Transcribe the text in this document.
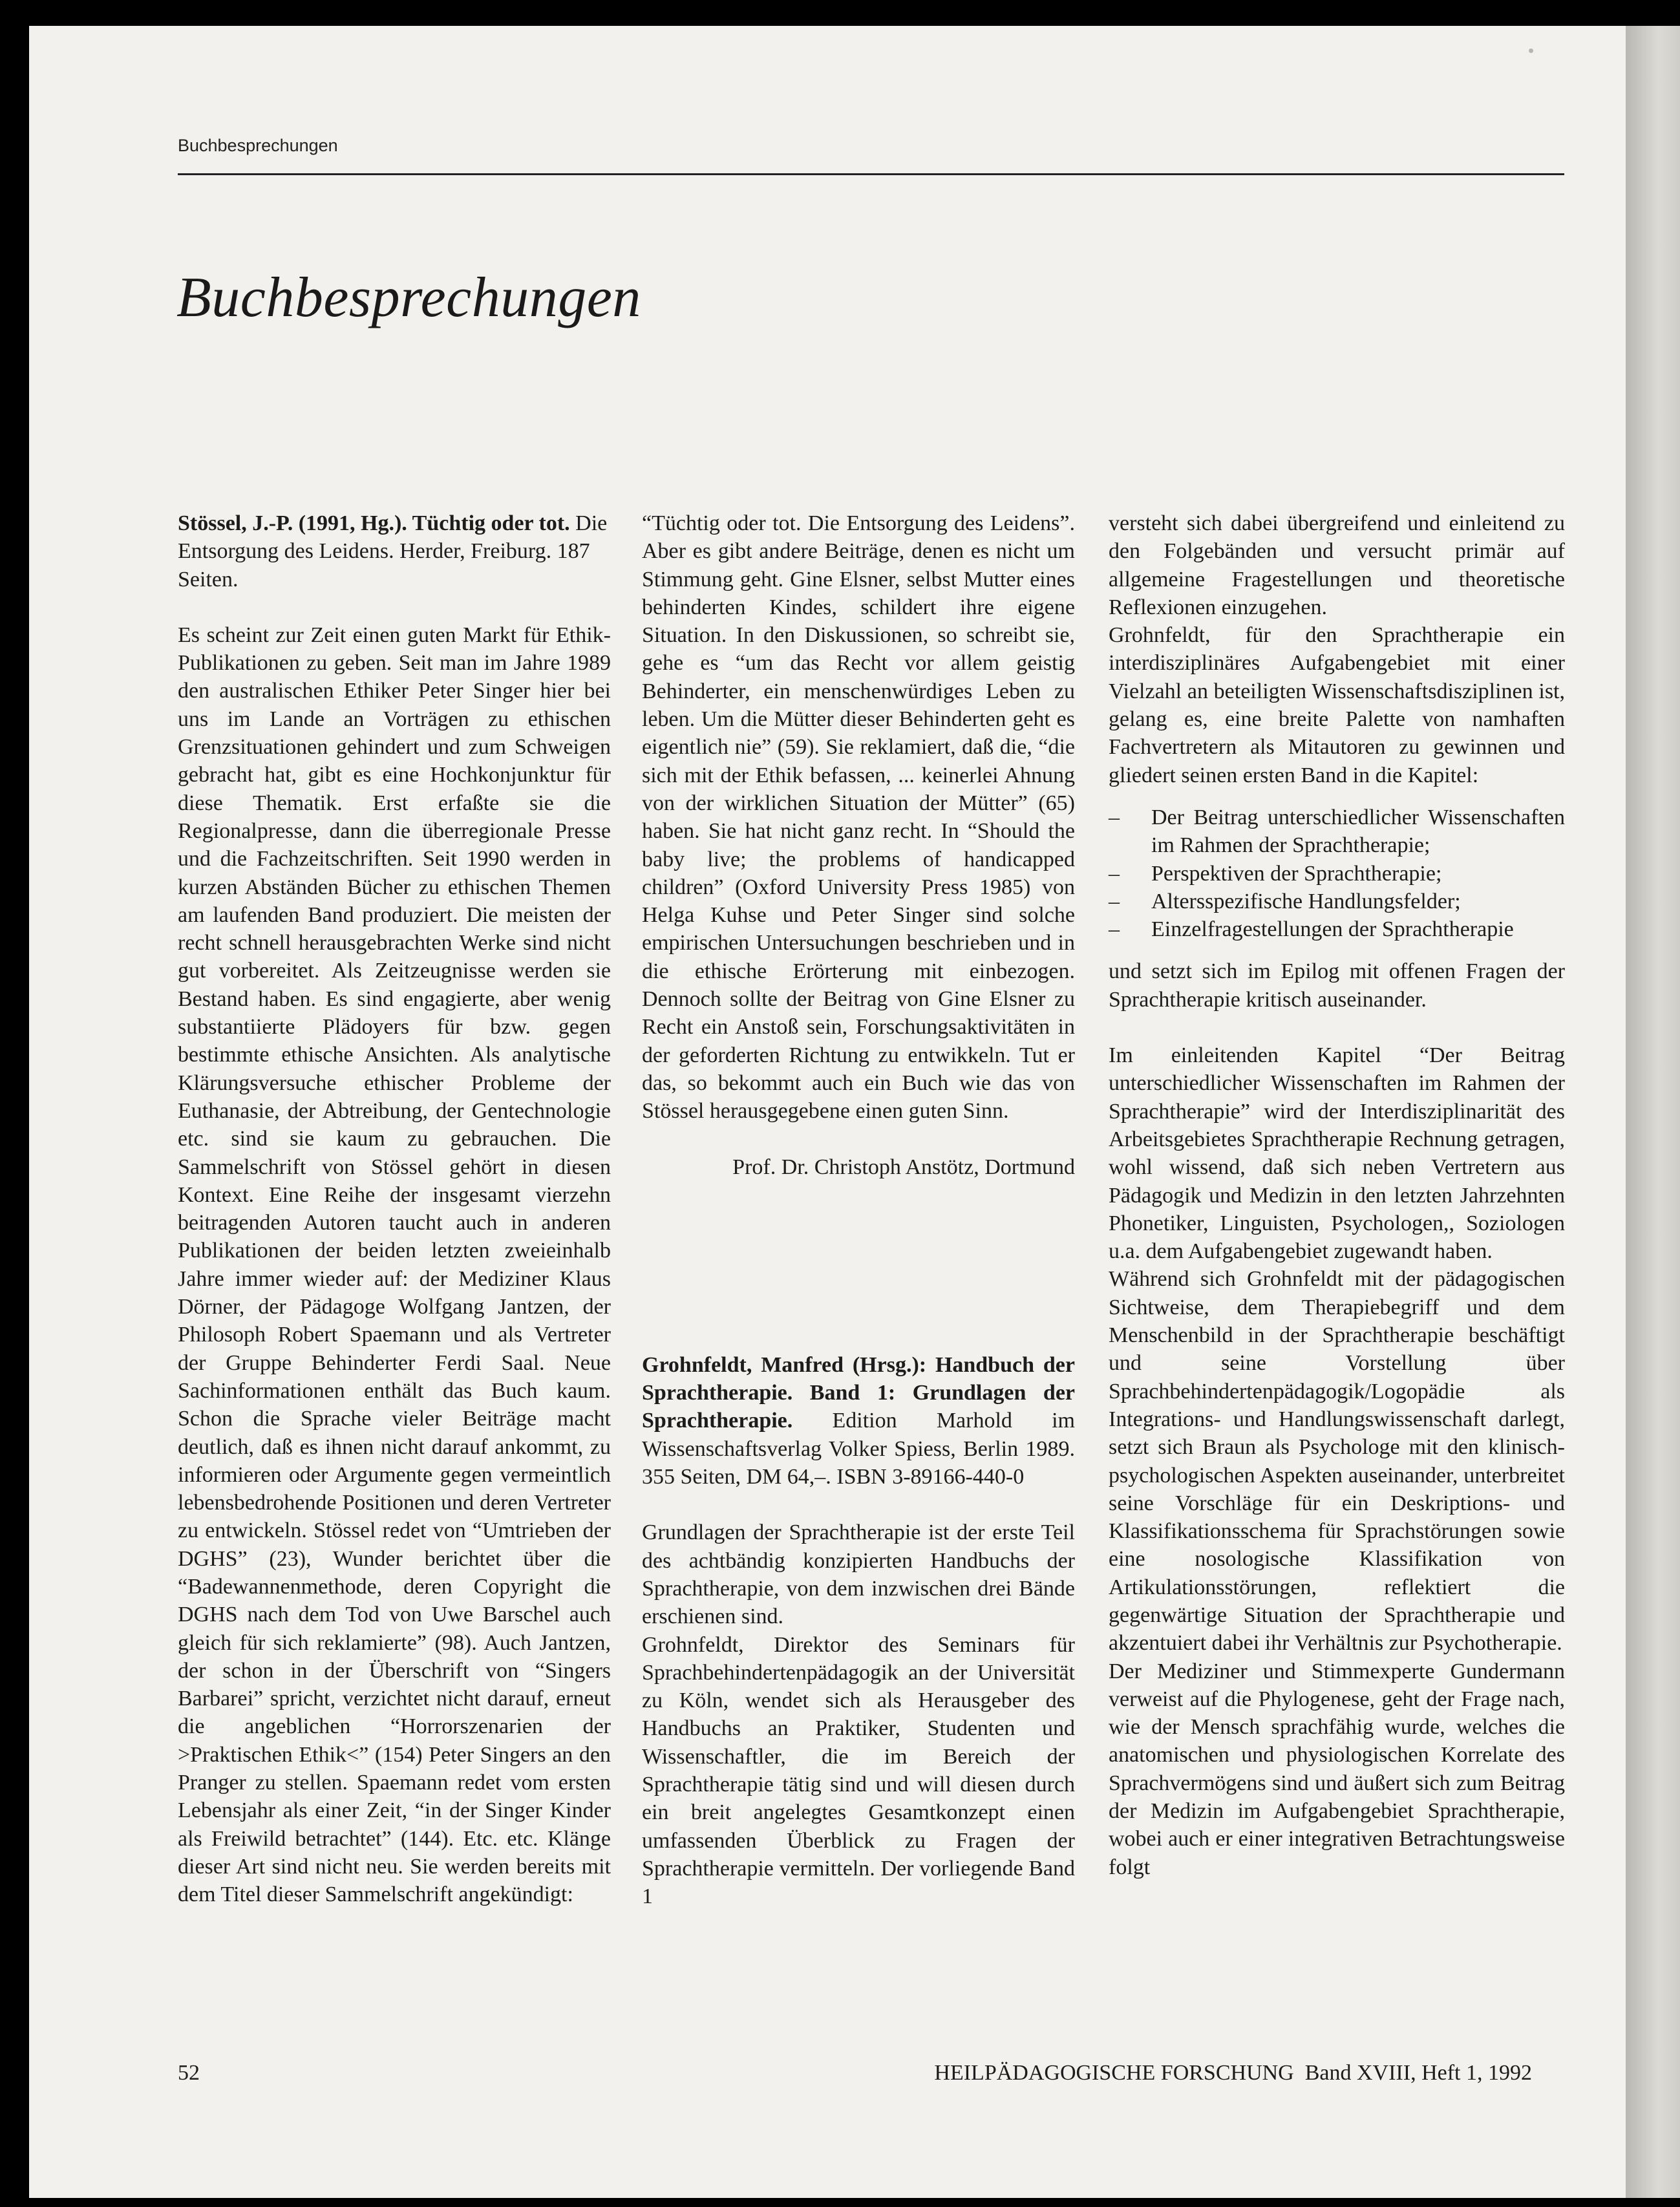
Buchbesprechungen
Buchbesprechungen

Stössel, J.-P. (1991, Hg.). Tüchtig oder tot. Die Entsorgung des Leidens. Herder, Freiburg. 187 Seiten.

Es scheint zur Zeit einen guten Markt für Ethik-Publikationen zu geben. Seit man im Jahre 1989 den australischen Ethiker Peter Singer hier bei uns im Lande an Vorträgen zu ethischen Grenzsituationen gehindert und zum Schweigen gebracht hat, gibt es eine Hochkonjunktur für diese Thematik. Erst erfaßte sie die Regionalpresse, dann die überregionale Presse und die Fachzeitschriften. Seit 1990 werden in kurzen Abständen Bücher zu ethischen Themen am laufenden Band produziert. Die meisten der recht schnell herausgebrachten Werke sind nicht gut vorbereitet. Als Zeitzeugnisse werden sie Bestand haben. Es sind engagierte, aber wenig substantiierte Plädoyers für bzw. gegen bestimmte ethische Ansichten. Als analytische Klärungsversuche ethischer Probleme der Euthanasie, der Abtreibung, der Gentechnologie etc. sind sie kaum zu gebrauchen. Die Sammelschrift von Stössel gehört in diesen Kontext. Eine Reihe der insgesamt vierzehn beitragenden Autoren taucht auch in anderen Publikationen der beiden letzten zweieinhalb Jahre immer wieder auf: der Mediziner Klaus Dörner, der Pädagoge Wolfgang Jantzen, der Philosoph Robert Spaemann und als Vertreter der Gruppe Behinderter Ferdi Saal. Neue Sachinformationen enthält das Buch kaum. Schon die Sprache vieler Beiträge macht deutlich, daß es ihnen nicht darauf ankommt, zu informieren oder Argumente gegen vermeintlich lebensbedrohende Positionen und deren Vertreter zu entwickeln. Stössel redet von “Umtrieben der DGHS” (23), Wunder berichtet über die “Badewannenmethode, deren Copyright die DGHS nach dem Tod von Uwe Barschel auch gleich für sich reklamierte” (98). Auch Jantzen, der schon in der Überschrift von “Singers Barbarei” spricht, verzichtet nicht darauf, erneut die angeblichen “Horrorszenarien der >Praktischen Ethik<” (154) Peter Singers an den Pranger zu stellen. Spaemann redet vom ersten Lebensjahr als einer Zeit, “in der Singer Kinder als Freiwild betrachtet” (144). Etc. etc. Klänge dieser Art sind nicht neu. Sie werden bereits mit dem Titel dieser Sammelschrift angekündigt:

“Tüchtig oder tot. Die Entsorgung des Leidens”. Aber es gibt andere Beiträge, denen es nicht um Stimmung geht. Gine Elsner, selbst Mutter eines behinderten Kindes, schildert ihre eigene Situation. In den Diskussionen, so schreibt sie, gehe es “um das Recht vor allem geistig Behinderter, ein menschenwürdiges Leben zu leben. Um die Mütter dieser Behinderten geht es eigentlich nie” (59). Sie reklamiert, daß die, “die sich mit der Ethik befassen, ... keinerlei Ahnung von der wirklichen Situation der Mütter” (65) haben. Sie hat nicht ganz recht. In “Should the baby live; the problems of handicapped children” (Oxford University Press 1985) von Helga Kuhse und Peter Singer sind solche empirischen Untersuchungen beschrieben und in die ethische Erörterung mit einbezogen. Dennoch sollte der Beitrag von Gine Elsner zu Recht ein Anstoß sein, Forschungsaktivitäten in der geforderten Richtung zu entwikkeln. Tut er das, so bekommt auch ein Buch wie das von Stössel herausgegebene einen guten Sinn.

Prof. Dr. Christoph Anstötz, Dortmund

Grohnfeldt, Manfred (Hrsg.): Handbuch der Sprachtherapie. Band 1: Grundlagen der Sprachtherapie. Edition Marhold im Wissenschaftsverlag Volker Spiess, Berlin 1989. 355 Seiten, DM 64,–. ISBN 3-89166-440-0

Grundlagen der Sprachtherapie ist der erste Teil des achtbändig konzipierten Handbuchs der Sprachtherapie, von dem inzwischen drei Bände erschienen sind.

Grohnfeldt, Direktor des Seminars für Sprachbehindertenpädagogik an der Universität zu Köln, wendet sich als Herausgeber des Handbuchs an Praktiker, Studenten und Wissenschaftler, die im Bereich der Sprachtherapie tätig sind und will diesen durch ein breit angelegtes Gesamtkonzept einen umfassenden Überblick zu Fragen der Sprachtherapie vermitteln. Der vorliegende Band 1

versteht sich dabei übergreifend und einleitend zu den Folgebänden und versucht primär auf allgemeine Fragestellungen und theoretische Reflexionen einzugehen.

Grohnfeldt, für den Sprachtherapie ein interdisziplinäres Aufgabengebiet mit einer Vielzahl an beteiligten Wissenschaftsdisziplinen ist, gelang es, eine breite Palette von namhaften Fachvertretern als Mitautoren zu gewinnen und gliedert seinen ersten Band in die Kapitel:

– Der Beitrag unterschiedlicher Wissenschaften im Rahmen der Sprachtherapie;
– Perspektiven der Sprachtherapie;
– Altersspezifische Handlungsfelder;
– Einzelfragestellungen der Sprachtherapie

und setzt sich im Epilog mit offenen Fragen der Sprachtherapie kritisch auseinander.

Im einleitenden Kapitel “Der Beitrag unterschiedlicher Wissenschaften im Rahmen der Sprachtherapie” wird der Interdisziplinarität des Arbeitsgebietes Sprachtherapie Rechnung getragen, wohl wissend, daß sich neben Vertretern aus Pädagogik und Medizin in den letzten Jahrzehnten Phonetiker, Linguisten, Psychologen,, Soziologen u.a. dem Aufgabengebiet zugewandt haben.

Während sich Grohnfeldt mit der pädagogischen Sichtweise, dem Therapiebegriff und dem Menschenbild in der Sprachtherapie beschäftigt und seine Vorstellung über Sprachbehindertenpädagogik/Logopädie als Integrations- und Handlungswissenschaft darlegt, setzt sich Braun als Psychologe mit den klinisch-psychologischen Aspekten auseinander, unterbreitet seine Vorschläge für ein Deskriptions- und Klassifikationsschema für Sprachstörungen sowie eine nosologische Klassifikation von Artikulationsstörungen, reflektiert die gegenwärtige Situation der Sprachtherapie und akzentuiert dabei ihr Verhältnis zur Psychotherapie.

Der Mediziner und Stimmexperte Gundermann verweist auf die Phylogenese, geht der Frage nach, wie der Mensch sprachfähig wurde, welches die anatomischen und physiologischen Korrelate des Sprachvermögens sind und äußert sich zum Beitrag der Medizin im Aufgabengebiet Sprachtherapie, wobei auch er einer integrativen Betrachtungsweise folgt

52	HEILPÄDAGOGISCHE FORSCHUNG Band XVIII, Heft 1, 1992
